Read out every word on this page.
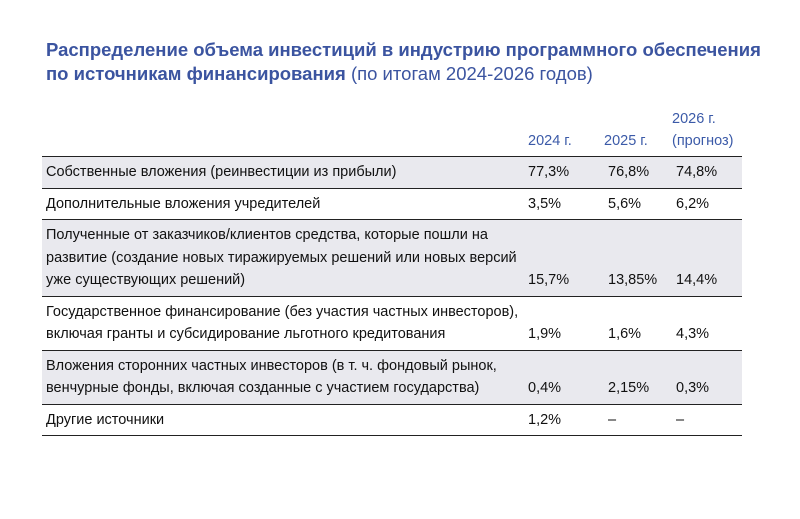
Распределение объема инвестиций в индустрию программного обеспечения по источникам финансирования (по итогам 2024-2026 годов)
	2024 г.	2025 г.	2026 г.
(прогноз)

Собственные вложения (реинвестиции из прибыли)	77,3%	76,8%	74,8%
Дополнительные вложения учредителей	3,5%	5,6%	6,2%
Полученные от заказчиков/клиентов средства, которые пошли на развитие (создание новых тиражируемых решений или новых версий уже существующих решений)	15,7%	13,85%	14,4%
Государственное финансирование (без участия частных инвесторов), включая гранты и субсидирование льготного кредитования	1,9%	1,6%	4,3%
Вложения сторонних частных инвесторов (в т. ч. фондовый рынок, венчурные фонды, включая созданные с участием государства)	0,4%	2,15%	0,3%
Другие источники	1,2%	–	–
